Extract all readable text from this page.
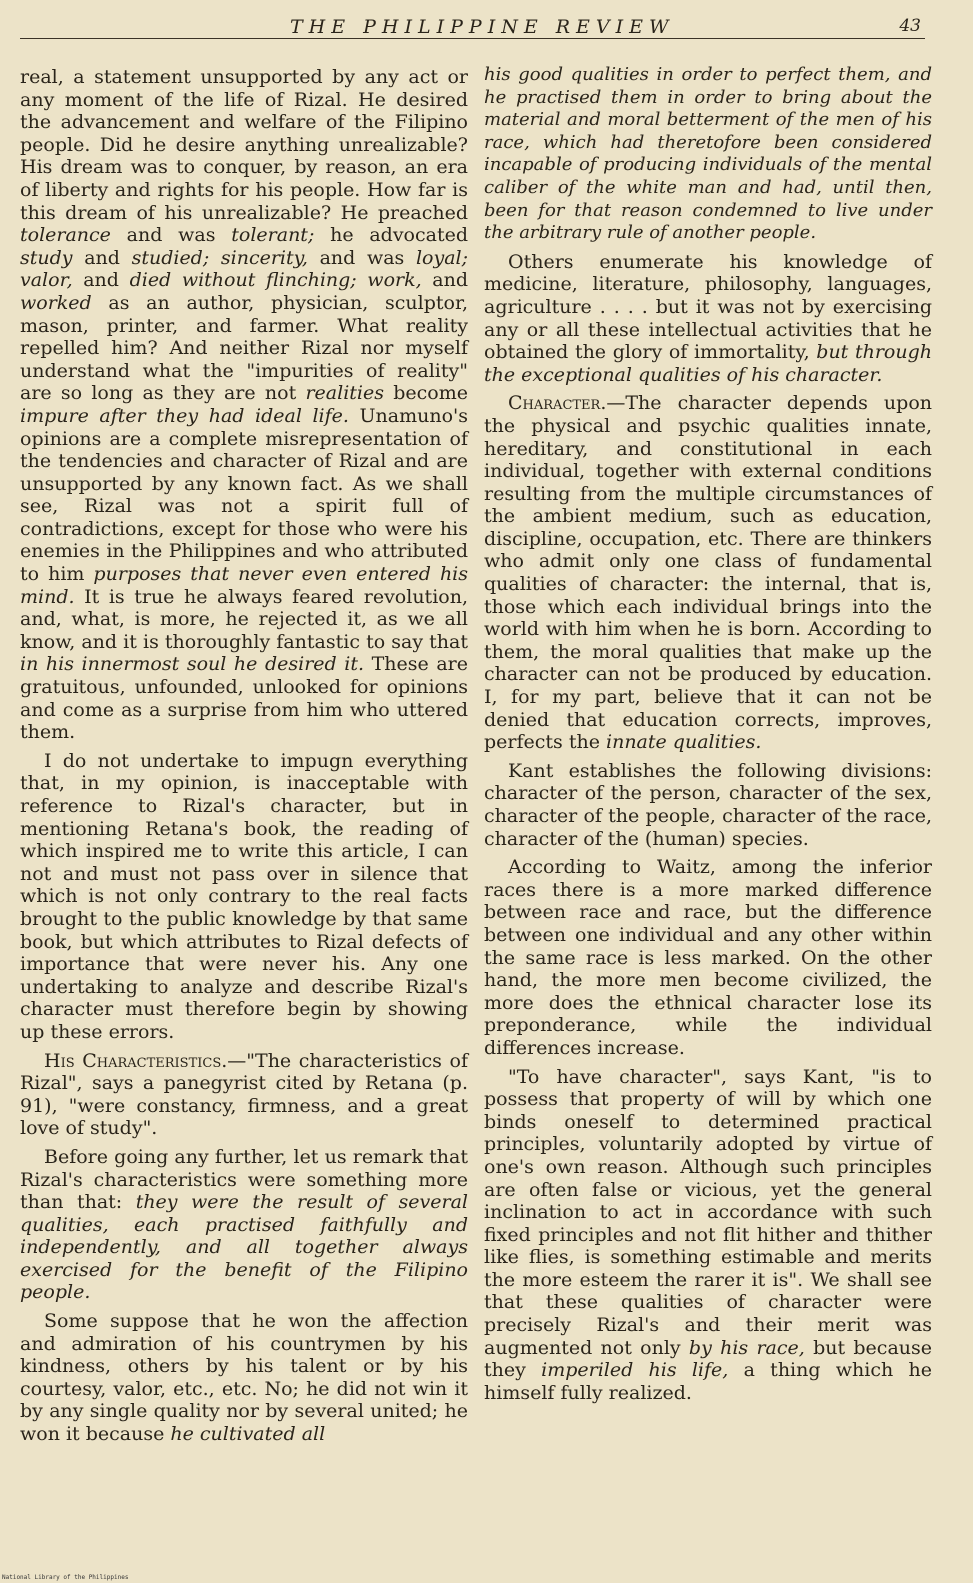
THE PHILIPPINE REVIEW	43

real, a statement unsupported by any act or any moment of the life of Rizal. He desired the advancement and welfare of the Filipino people. Did he desire anything unrealizable? His dream was to conquer, by reason, an era of liberty and rights for his people. How far is this dream of his unrealizable? He preached tolerance and was tolerant; he advocated study and studied; sincerity, and was loyal; valor, and died without flinching; work, and worked as an author, physician, sculptor, mason, printer, and farmer. What reality repelled him? And neither Rizal nor myself understand what the "impurities of reality" are so long as they are not realities become impure after they had ideal life. Unamuno's opinions are a complete misrepresentation of the tendencies and character of Rizal and are unsupported by any known fact. As we shall see, Rizal was not a spirit full of contradictions, except for those who were his enemies in the Philippines and who attributed to him purposes that never even entered his mind. It is true he always feared revolution, and, what, is more, he rejected it, as we all know, and it is thoroughly fantastic to say that in his innermost soul he desired it. These are gratuitous, unfounded, unlooked for opinions and come as a surprise from him who uttered them.

I do not undertake to impugn everything that, in my opinion, is inacceptable with reference to Rizal's character, but in mentioning Retana's book, the reading of which inspired me to write this article, I can not and must not pass over in silence that which is not only contrary to the real facts brought to the public knowledge by that same book, but which attributes to Rizal defects of importance that were never his. Any one undertaking to analyze and describe Rizal's character must therefore begin by showing up these errors.

His Characteristics.—"The characteristics of Rizal", says a panegyrist cited by Retana (p. 91), "were constancy, firmness, and a great love of study".

Before going any further, let us remark that Rizal's characteristics were something more than that: they were the result of several qualities, each practised faithfully and independently, and all together always exercised for the benefit of the Filipino people.

Some suppose that he won the affection and admiration of his countrymen by his kindness, others by his talent or by his courtesy, valor, etc., etc. No; he did not win it by any single quality nor by several united; he won it because he cultivated all

his good qualities in order to perfect them, and he practised them in order to bring about the material and moral betterment of the men of his race, which had theretofore been considered incapable of producing individuals of the mental caliber of the white man and had, until then, been for that reason condemned to live under the arbitrary rule of another people.

Others enumerate his knowledge of medicine, literature, philosophy, languages, agriculture . . . . but it was not by exercising any or all these intellectual activities that he obtained the glory of immortality, but through the exceptional qualities of his character.

Character.—The character depends upon the physical and psychic qualities innate, hereditary, and constitutional in each individual, together with external conditions resulting from the multiple circumstances of the ambient medium, such as education, discipline, occupation, etc. There are thinkers who admit only one class of fundamental qualities of character: the internal, that is, those which each individual brings into the world with him when he is born. According to them, the moral qualities that make up the character can not be produced by education. I, for my part, believe that it can not be denied that education corrects, improves, perfects the innate qualities.

Kant establishes the following divisions: character of the person, character of the sex, character of the people, character of the race, character of the (human) species.

According to Waitz, among the inferior races there is a more marked difference between race and race, but the difference between one individual and any other within the same race is less marked. On the other hand, the more men become civilized, the more does the ethnical character lose its preponderance, while the individual differences increase.

"To have character", says Kant, "is to possess that property of will by which one binds oneself to determined practical principles, voluntarily adopted by virtue of one's own reason. Although such principles are often false or vicious, yet the general inclination to act in accordance with such fixed principles and not flit hither and thither like flies, is something estimable and merits the more esteem the rarer it is". We shall see that these qualities of character were precisely Rizal's and their merit was augmented not only by his race, but because they imperiled his life, a thing which he himself fully realized.

National Library of the Philippines
